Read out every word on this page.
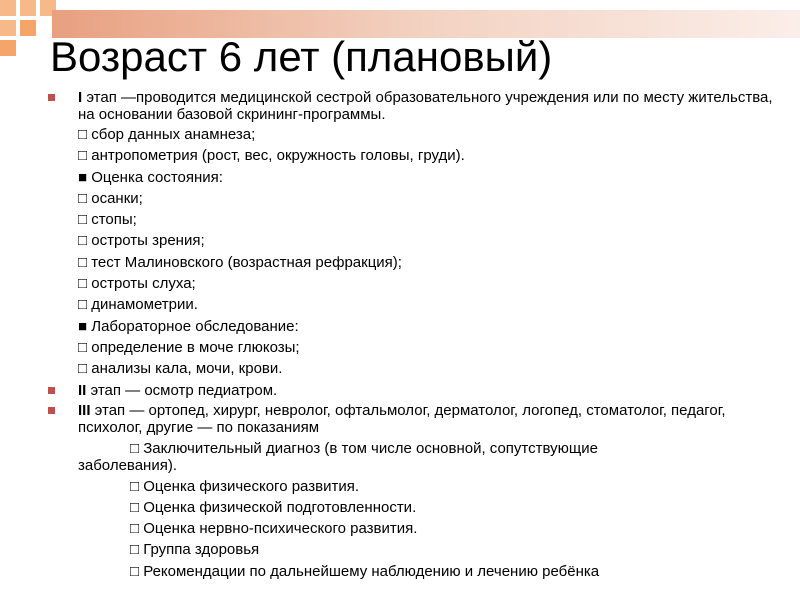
Возраст 6 лет (плановый)
I этап —проводится медицинской сестрой образовательного учреждения или по месту жительства, на основании базовой скрининг-программы.
□ сбор данных анамнеза;
□ антропометрия (рост, вес, окружность головы, груди).
■ Оценка состояния:
□ осанки;
□ стопы;
□ остроты зрения;
□ тест Малиновского (возрастная рефракция);
□ остроты слуха;
□ динамометрии.
■ Лабораторное обследование:
□ определение в моче глюкозы;
□ анализы кала, мочи, крови.
II этап — осмотр педиатром.
III этап — ортопед, хирург, невролог, офтальмолог, дерматолог, логопед, стоматолог, педагог, психолог, другие — по показаниям
□ Заключительный диагноз (в том числе основной, сопутствующие
заболевания).
□ Оценка физического развития.
□ Оценка физической подготовленности.
□ Оценка нервно-психического развития.
□ Группа здоровья
□ Рекомендации по дальнейшему наблюдению и лечению ребёнка
